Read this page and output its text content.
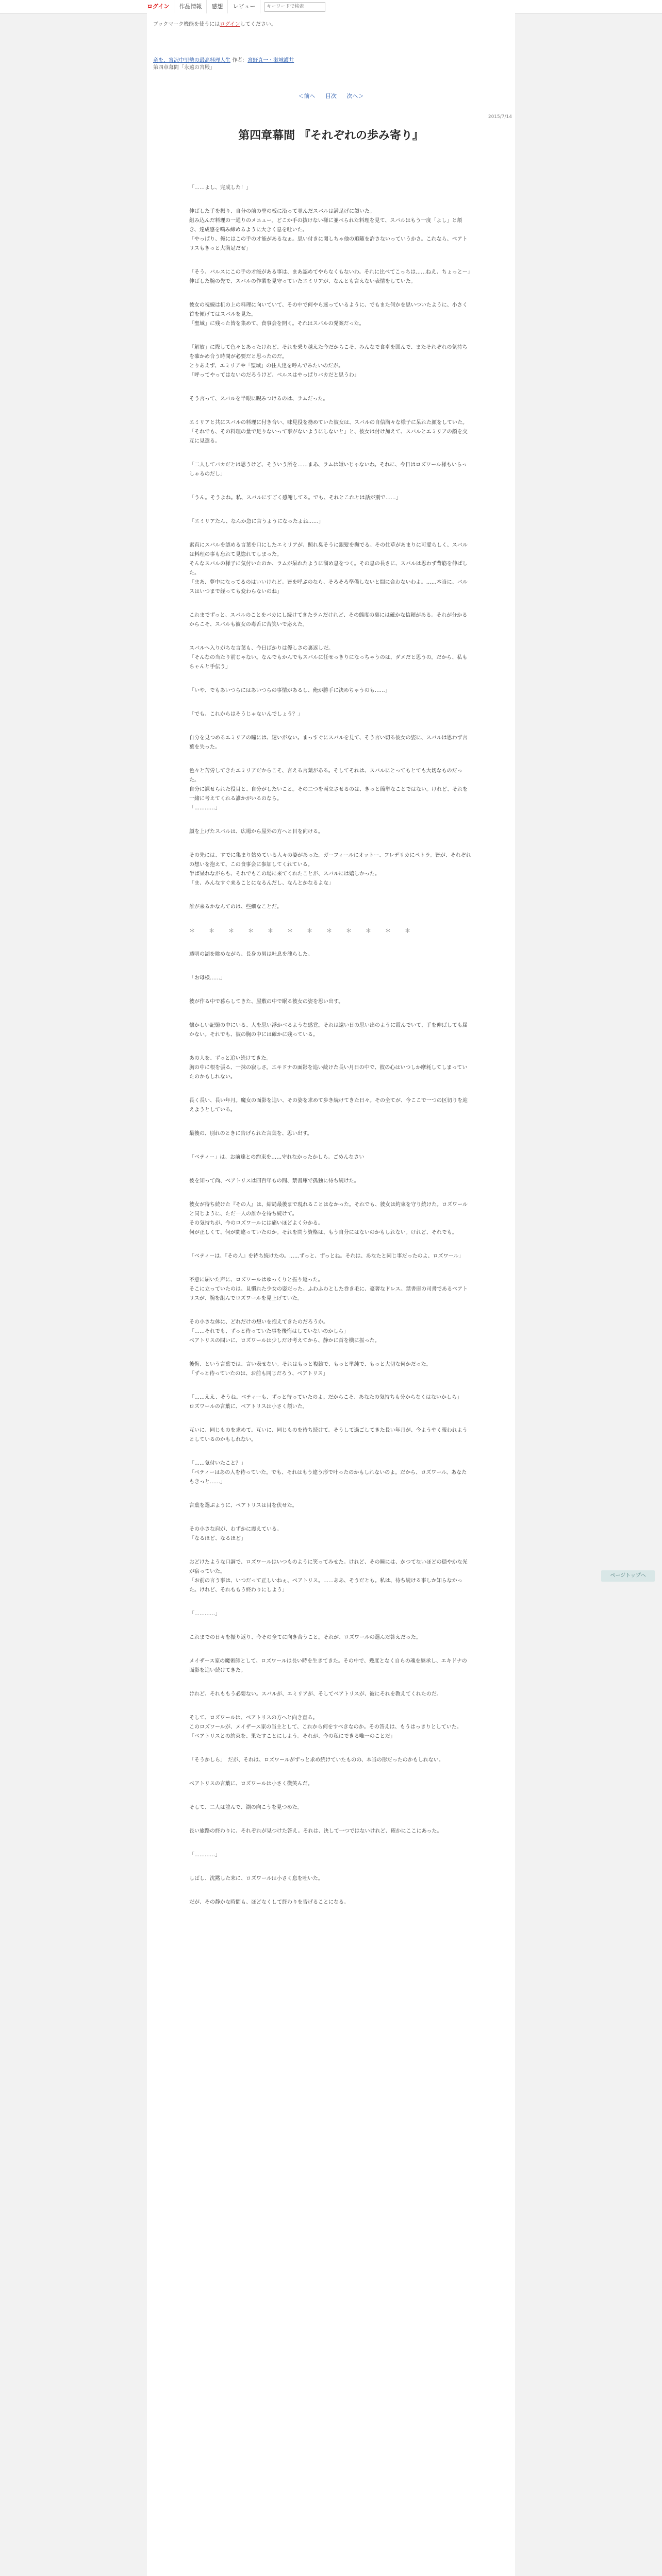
ログイン	作品情報	感想	レビュー
キーワードで検索
ブックマーク機能を使うにはログインしてください。
竜を、宮沢中里勢の最高料理人生 作者：宮野真一・漱城護井
第四章幕間「永遠の宮殿」
＜前へ 目次 次へ＞
2015/7/14
第四章幕間 『それぞれの歩み寄り』

「……よし、完成した！」

伸ばした手を振り、自分の前の壁の板に沿って並んだスバルは満足げに頷いた。

組み込んだ料理の一通りのメニュー。どこか手の抜けない様に並べられた料理を見て、スバルはもう一度「よし」と頷き、達成感を噛み締めるように大きく息を吐いた。

「やっぱり、俺にはこの手の才能があるなぁ。思い付きに関しちゃ他の追随を許さないっていうかさ。これなら、ベアトリスもきっと大満足だぜ」

「そう、バルスにこの手の才能がある事は、まあ認めてやらなくもないわ。それに比べてこっちは……ねえ、ちょっとー」

伸ばした腕の先で、スバルの作業を見守っていたエミリアが、なんとも言えない表情をしていた。

彼女の視線は机の上の料理に向いていて、その中で何やら迷っているように、でもまた何かを思いついたように、小さく首を傾げてはスバルを見た。

「聖域」に残った皆を集めて、食事会を開く。それはスバルの発案だった。

「解放」に際して色々とあったけれど、それを乗り越えた今だからこそ、みんなで食卓を囲んで、またそれぞれの気持ちを確かめ合う時間が必要だと思ったのだ。

とりあえず、エミリアや「聖域」の住人達を呼んでみたいのだが。

「呼ってやってはないのだろうけど、ベルスはやっぱりバカだと思うわ」

そう言って、スバルを半眼に睨みつけるのは、ラムだった。

エミリアと共にスバルの料理に付き合い、味見役を務めていた彼女は、スバルの自信満々な様子に呆れた顔をしていた。

「それでも、その料理の量で足りないって事がないようにしないと」と、彼女は付け加えて、スバルとエミリアの顔を交互に見遣る。

「二人してバカだとは思うけど、そういう所を……まあ、ラムは嫌いじゃないわ。それに、今日はロズワール様もいらっしゃるのだし」

「うん。そうよね。私、スバルにすごく感謝してる。でも、それとこれとは話が別で……」

「エミリアたん、なんか急に言うようになったよね……」

素直にスバルを認める言葉を口にしたエミリアが、照れ臭そうに銀髪を撫でる。その仕草があまりに可愛らしく、スバルは料理の事も忘れて見惚れてしまった。

そんなスバルの様子に気付いたのか、ラムが呆れたように溜め息をつく。その息の長さに、スバルは思わず背筋を伸ばした。

「まあ、夢中になってるのはいいけれど。皆を呼ぶのなら、そろそろ準備しないと間に合わないわよ。……本当に、バルスはいつまで経っても変わらないのね」

これまでずっと、スバルのことをバカにし続けてきたラムだけれど、その態度の裏には確かな信頼がある。それが分かるからこそ、スバルも彼女の毒舌に苦笑いで応えた。

スバルへ入りがちな言葉も、今日ばかりは優しさの裏返しだ。

「そんなの当たり前じゃない。なんでもかんでもスバルに任せっきりになっちゃうのは、ダメだと思うの。だから、私もちゃんと手伝う」

「いや、でもあいつらにはあいつらの事情があるし、俺が勝手に決めちゃうのも……」

「でも、これからはそうじゃないんでしょう？」

自分を見つめるエミリアの瞳には、迷いがない。まっすぐにスバルを見て、そう言い切る彼女の姿に、スバルは思わず言葉を失った。

色々と苦労してきたエミリアだからこそ、言える言葉がある。そしてそれは、スバルにとってもとても大切なものだった。

自分に課せられた役目と、自分がしたいこと。その二つを両立させるのは、きっと簡単なことではない。けれど、それを一緒に考えてくれる誰かがいるのなら。

「…………」

顔を上げたスバルは、広場から屋外の方へと目を向ける。

その先には、すでに集まり始めている人々の姿があった。ガーフィールにオットー、フレデリカにペトラ。皆が、それぞれの想いを抱えて、この食事会に参加してくれている。

半ば呆れながらも、それでもこの場に来てくれたことが、スバルには嬉しかった。

「ま、みんなすぐ来ることになるんだし、なんとかなるよな」

誰が来るかなんてのは、些細なことだ。

＊　＊　＊　＊　＊　＊　＊　＊　＊　＊　＊　＊

透明の湖を眺めながら、長身の男は吐息を洩らした。

「お母様……」

彼が作る中で暮らしてきた、屋敷の中で眠る彼女の姿を思い出す。

懐かしい記憶の中にいる、人を思い浮かべるような感覚。それは遠い日の思い出のように霞んでいて、手を伸ばしても届かない。それでも、彼の胸の中には確かに残っている。

あの人を、ずっと追い続けてきた。

胸の中に根を張る、一抹の寂しさ。エキドナの面影を追い続けた長い月日の中で、彼の心はいつしか摩耗してしまっていたのかもしれない。

長く長い、長い年月。魔女の面影を追い、その姿を求めて歩き続けてきた日々。その全てが、今ここで一つの区切りを迎えようとしている。

最後の、別れのときに告げられた言葉を、思い出す。

「ベティー」は、お前達との約束を……守れなかったかしら。ごめんなさい

彼を知って尚、ベアトリスは四百年もの間、禁書庫で孤独に待ち続けた。

彼女が待ち続けた『その人』は、結局最後まで現れることはなかった。それでも、彼女は約束を守り続けた。ロズワールと同じように、ただ一人の誰かを待ち続けて。

その気持ちが、今のロズワールには痛いほどよく分かる。

何が正しくて、何が間違っていたのか。それを問う資格は、もう自分にはないのかもしれない。けれど、それでも。

「ベティーは、『その人』を待ち続けたの。……ずっと、ずっとね。それは、あなたと同じ事だったのよ、ロズワール」

不意に届いた声に、ロズワールはゆっくりと振り返った。

そこに立っていたのは、見慣れた少女の姿だった。ふわふわとした巻き毛に、豪奢なドレス。禁書庫の司書であるベアトリスが、腕を組んでロズワールを見上げていた。

その小さな体に、どれだけの想いを抱えてきたのだろうか。

「……それでも、ずっと待っていた事を後悔はしていないのかしら」

ベアトリスの問いに、ロズワールは少しだけ考えてから、静かに首を横に振った。

後悔、という言葉では、言い表せない。それはもっと複雑で、もっと単純で、もっと大切な何かだった。

「ずっと待っていたのは、お前も同じだろう、ベアトリス」

「……ええ、そうね。ベティーも、ずっと待っていたのよ。だからこそ、あなたの気持ちも分からなくはないかしら」

ロズワールの言葉に、ベアトリスは小さく頷いた。

互いに、同じものを求めて。互いに、同じものを待ち続けて。そうして過ごしてきた長い年月が、今ようやく報われようとしているのかもしれない。

「……気付いたこと？」

「ベティーはあの人を待っていた。でも、それはもう違う形で叶ったのかもしれないのよ。だから、ロズワール、あなたもきっと……」

言葉を選ぶように、ベアトリスは目を伏せた。

その小さな肩が、わずかに震えている。

「なるほど、なるほど」

おどけたような口調で、ロズワールはいつものように笑ってみせた。けれど、その瞳には、かつてないほどの穏やかな光が宿っていた。

「お前の言う事は、いつだって正しいねぇ、ベアトリス。……ああ、そうだとも。私は、待ち続ける事しか知らなかった。けれど、それももう終わりにしよう」

「…………」

これまでの日々を振り返り、今その全てに向き合うこと。それが、ロズワールの選んだ答えだった。

メイザース家の魔術師として、ロズワールは長い時を生きてきた。その中で、幾度となく自らの魂を継承し、エキドナの面影を追い続けてきた。

けれど、それももう必要ない。スバルが、エミリアが、そしてベアトリスが、彼にそれを教えてくれたのだ。

そして、ロズワールは、ベアトリスの方へと向き直る。

このロズワールが、メイザース家の当主として、これから何をすべきなのか。その答えは、もうはっきりとしていた。

「ベアトリスとの約束を、果たすことにしよう。それが、今の私にできる唯一のことだ」

「そうかしら」　だが、それは、ロズワールがずっと求め続けていたものの、本当の形だったのかもしれない。

ベアトリスの言葉に、ロズワールは小さく微笑んだ。

そして、二人は並んで、湖の向こうを見つめた。

長い旅路の終わりに、それぞれが見つけた答え。それは、決して一つではないけれど、確かにここにあった。

「…………」

しばし、沈黙した末に、ロズワールは小さく息を吐いた。

だが、その静かな時間も、ほどなくして終わりを告げることになる。

ページトップへ
